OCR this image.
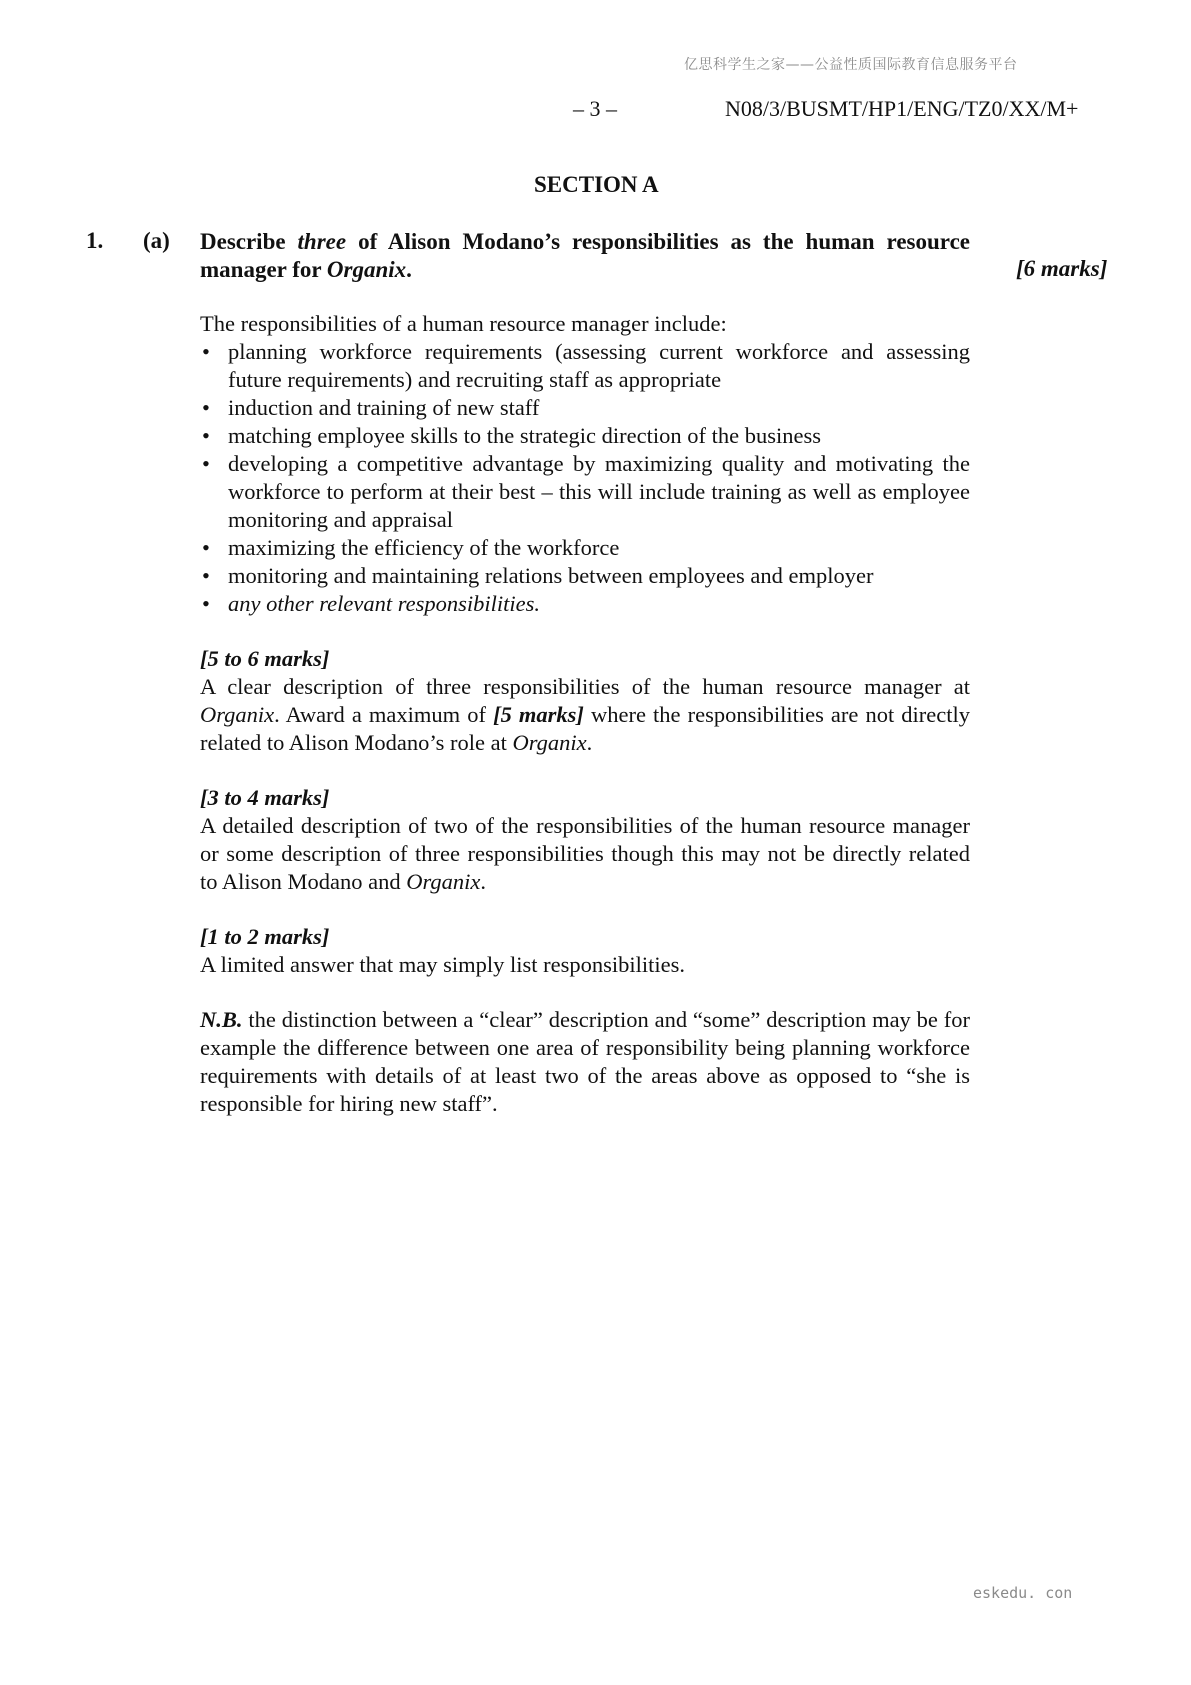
亿思科学生之家——公益性质国际教育信息服务平台
– 3 –	N08/3/BUSMT/HP1/ENG/TZ0/XX/M+
SECTION A
1. (a) Describe three of Alison Modano’s responsibilities as the human resource manager for Organix.	[6 marks]

The responsibilities of a human resource manager include:

• planning workforce requirements (assessing current workforce and assessing future requirements) and recruiting staff as appropriate
• induction and training of new staff
• matching employee skills to the strategic direction of the business
• developing a competitive advantage by maximizing quality and motivating the workforce to perform at their best – this will include training as well as employee monitoring and appraisal
• maximizing the efficiency of the workforce
• monitoring and maintaining relations between employees and employer
• any other relevant responsibilities.

[5 to 6 marks]

A clear description of three responsibilities of the human resource manager at Organix. Award a maximum of [5 marks] where the responsibilities are not directly related to Alison Modano’s role at Organix.

[3 to 4 marks]

A detailed description of two of the responsibilities of the human resource manager or some description of three responsibilities though this may not be directly related to Alison Modano and Organix.

[1 to 2 marks]

A limited answer that may simply list responsibilities.

N.B. the distinction between a “clear” description and “some” description may be for example the difference between one area of responsibility being planning workforce requirements with details of at least two of the areas above as opposed to “she is responsible for hiring new staff”.

eskedu. con
